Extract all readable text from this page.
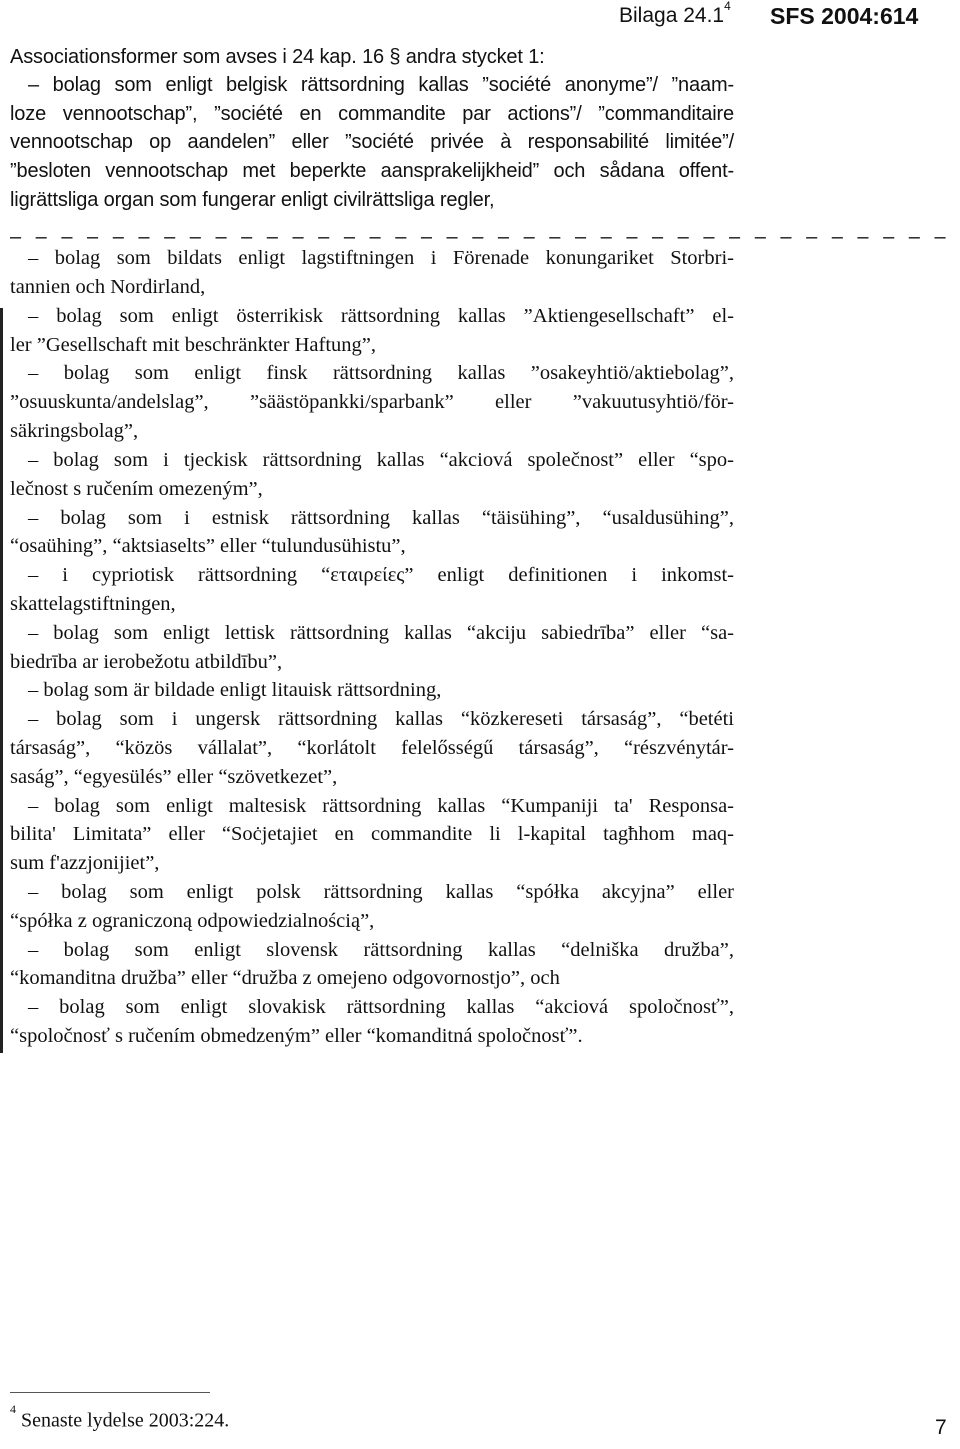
Bilaga 24.1$^4$ SFS 2004:614
Associationsformer som avses i 24 kap. 16 § andra stycket 1:
– bolag som enligt belgisk rättsordning kallas ”société anonyme”/ ”naam-
loze vennootschap”, ”société en commandite par actions”/ ”commanditaire
vennootschap op aandelen” eller ”société privée à responsabilité limitée”/
”besloten vennootschap met beperkte aansprakelijkheid” och sådana offent-
ligrättsliga organ som fungerar enligt civilrättsliga regler,
– – – – – – – – – – – – – – – – – – – – – – – – – – – – – – – – – – – – –
– bolag som bildats enligt lagstiftningen i Förenade konungariket Storbri-
tannien och Nordirland,
– bolag som enligt österrikisk rättsordning kallas ”Aktiengesellschaft” el-
ler ”Gesellschaft mit beschränkter Haftung”,
– bolag som enligt finsk rättsordning kallas ”osakeyhtiö/aktiebolag”,
”osuuskunta/andelslag”, ”säästöpankki/sparbank” eller ”vakuutusyhtiö/för-
säkringsbolag”,
– bolag som i tjeckisk rättsordning kallas “akciová společnost” eller “spo-
lečnost s ručením omezeným”,
– bolag som i estnisk rättsordning kallas “täisühing”, “usaldusühing”,
“osaühing”, “aktsiaselts” eller “tulundusühistu”,
– i cypriotisk rättsordning “εταιρείες” enligt definitionen i inkomst-
skattelagstiftningen,
– bolag som enligt lettisk rättsordning kallas “akciju sabiedrība” eller “sa-
biedrība ar ierobežotu atbildību”,
– bolag som är bildade enligt litauisk rättsordning,
– bolag som i ungersk rättsordning kallas “közkereseti társaság”, “betéti
társaság”, “közös vállalat”, “korlátolt felelősségű társaság”, “részvénytár-
saság”, “egyesülés” eller “szövetkezet”,
– bolag som enligt maltesisk rättsordning kallas “Kumpaniji ta' Responsa-
bilita' Limitata” eller “Soċjetajiet en commandite li l-kapital tagħhom maq-
sum f'azzjonijiet”,
– bolag som enligt polsk rättsordning kallas “spółka akcyjna” eller
“spółka z ograniczoną odpowiedzialnością”,
– bolag som enligt slovensk rättsordning kallas “delniška družba”,
“komanditna družba” eller “družba z omejeno odgovornostjo”, och
– bolag som enligt slovakisk rättsordning kallas “akciová spoločnosť”,
“spoločnosť s ručením obmedzeným” eller “komanditná spoločnosť”.
$^4$ Senaste lydelse 2003:224.	7
